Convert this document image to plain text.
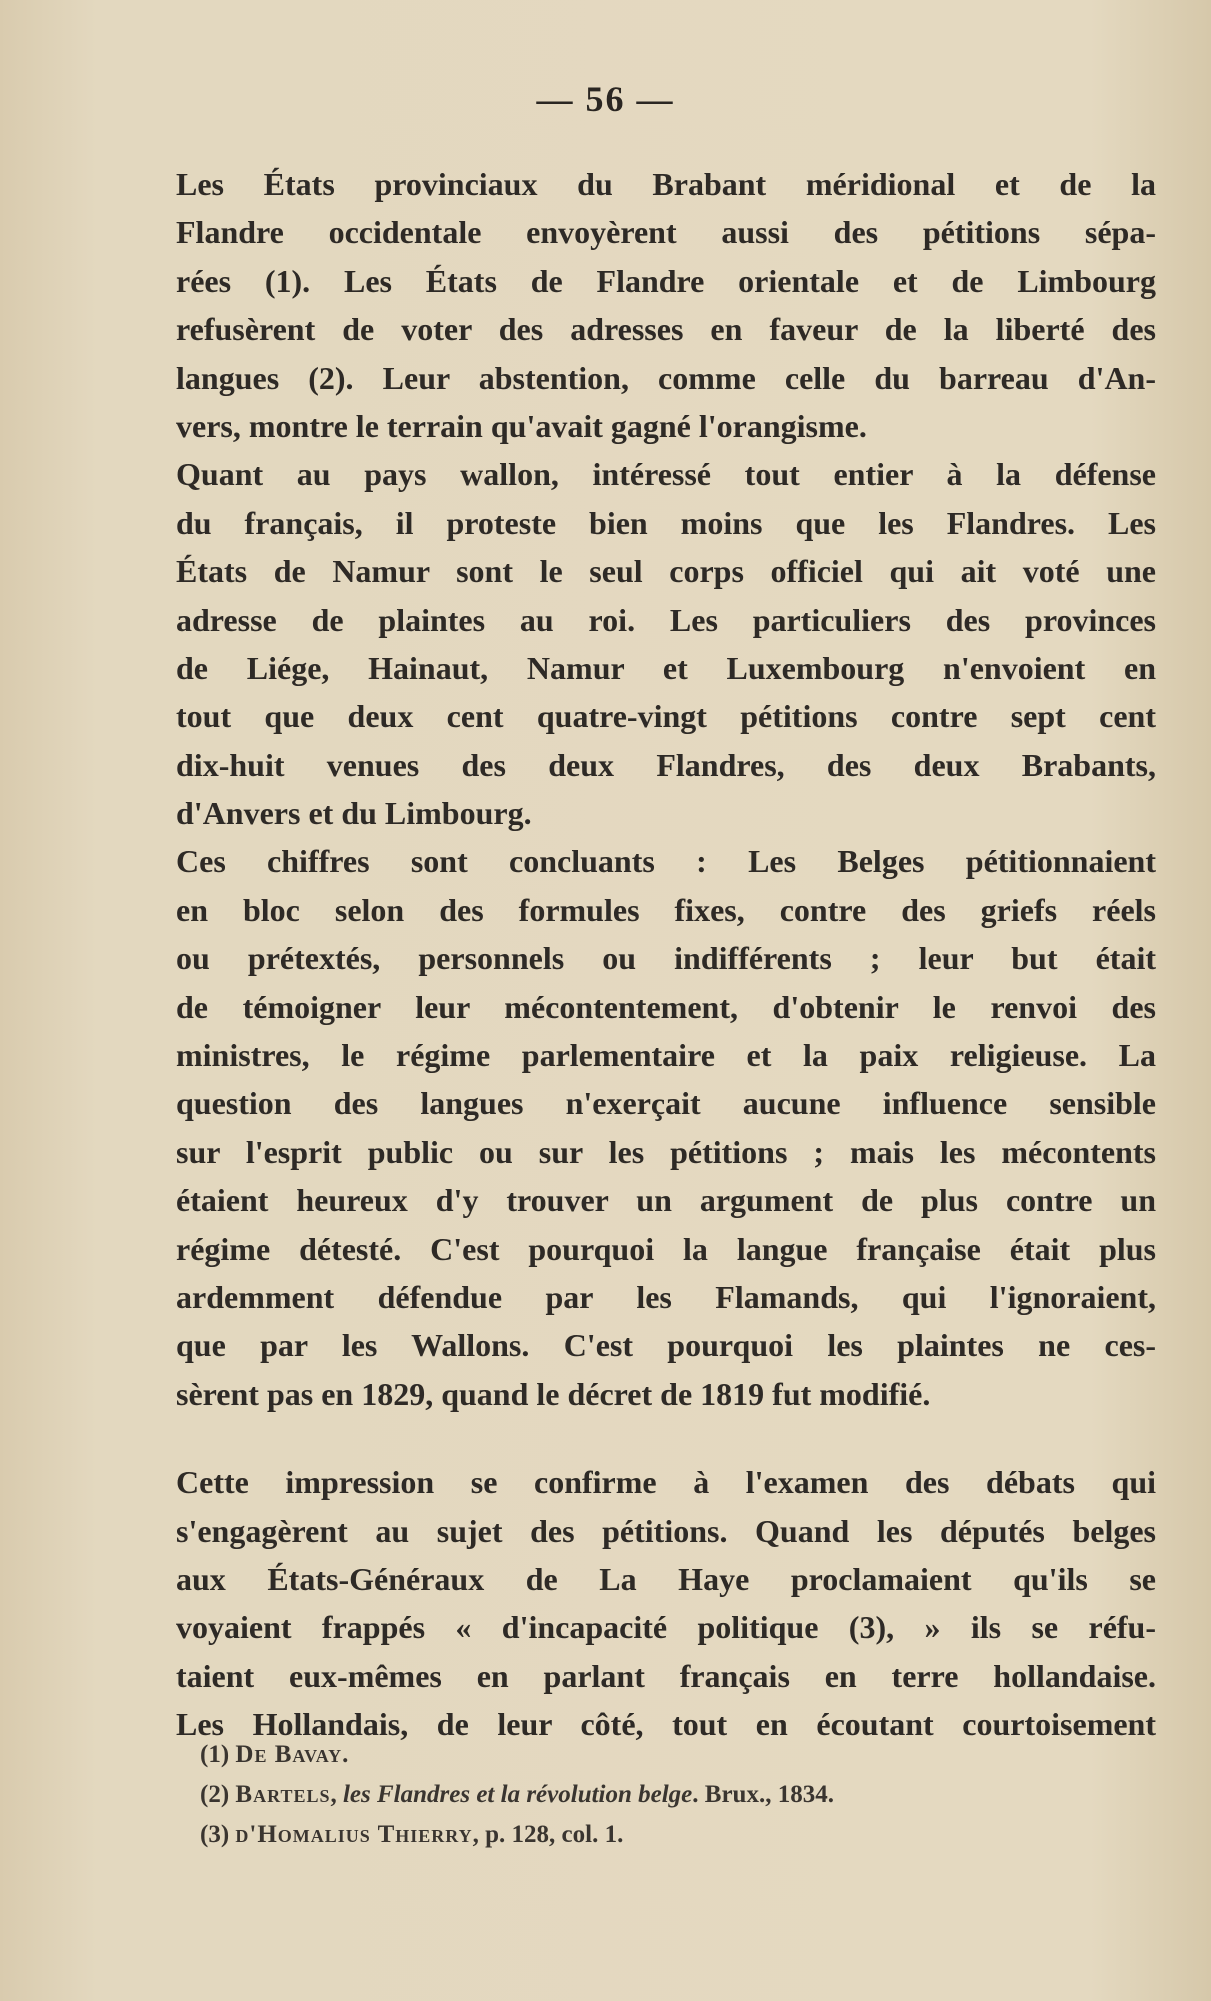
— 56 —
Les États provinciaux du Brabant méridional et de la
Flandre occidentale envoyèrent aussi des pétitions sépa-
rées (1). Les États de Flandre orientale et de Limbourg
refusèrent de voter des adresses en faveur de la liberté des
langues (2). Leur abstention, comme celle du barreau d'An-
vers, montre le terrain qu'avait gagné l'orangisme.
Quant au pays wallon, intéressé tout entier à la défense
du français, il proteste bien moins que les Flandres. Les
États de Namur sont le seul corps officiel qui ait voté une
adresse de plaintes au roi. Les particuliers des provinces
de Liége, Hainaut, Namur et Luxembourg n'envoient en
tout que deux cent quatre-vingt pétitions contre sept cent
dix-huit venues des deux Flandres, des deux Brabants,
d'Anvers et du Limbourg.
Ces chiffres sont concluants : Les Belges pétitionnaient
en bloc selon des formules fixes, contre des griefs réels
ou prétextés, personnels ou indifférents ; leur but était
de témoigner leur mécontentement, d'obtenir le renvoi des
ministres, le régime parlementaire et la paix religieuse. La
question des langues n'exerçait aucune influence sensible
sur l'esprit public ou sur les pétitions ; mais les mécontents
étaient heureux d'y trouver un argument de plus contre un
régime détesté. C'est pourquoi la langue française était plus
ardemment défendue par les Flamands, qui l'ignoraient,
que par les Wallons. C'est pourquoi les plaintes ne ces-
sèrent pas en 1829, quand le décret de 1819 fut modifié.
Cette impression se confirme à l'examen des débats qui
s'engagèrent au sujet des pétitions. Quand les députés belges
aux États-Généraux de La Haye proclamaient qu'ils se
voyaient frappés « d'incapacité politique (3), » ils se réfu-
taient eux-mêmes en parlant français en terre hollandaise.
Les Hollandais, de leur côté, tout en écoutant courtoisement
(1) De Bavay.
(2) Bartels, les Flandres et la révolution belge. Brux., 1834.
(3) d'Homalius Thierry, p. 128, col. 1.
